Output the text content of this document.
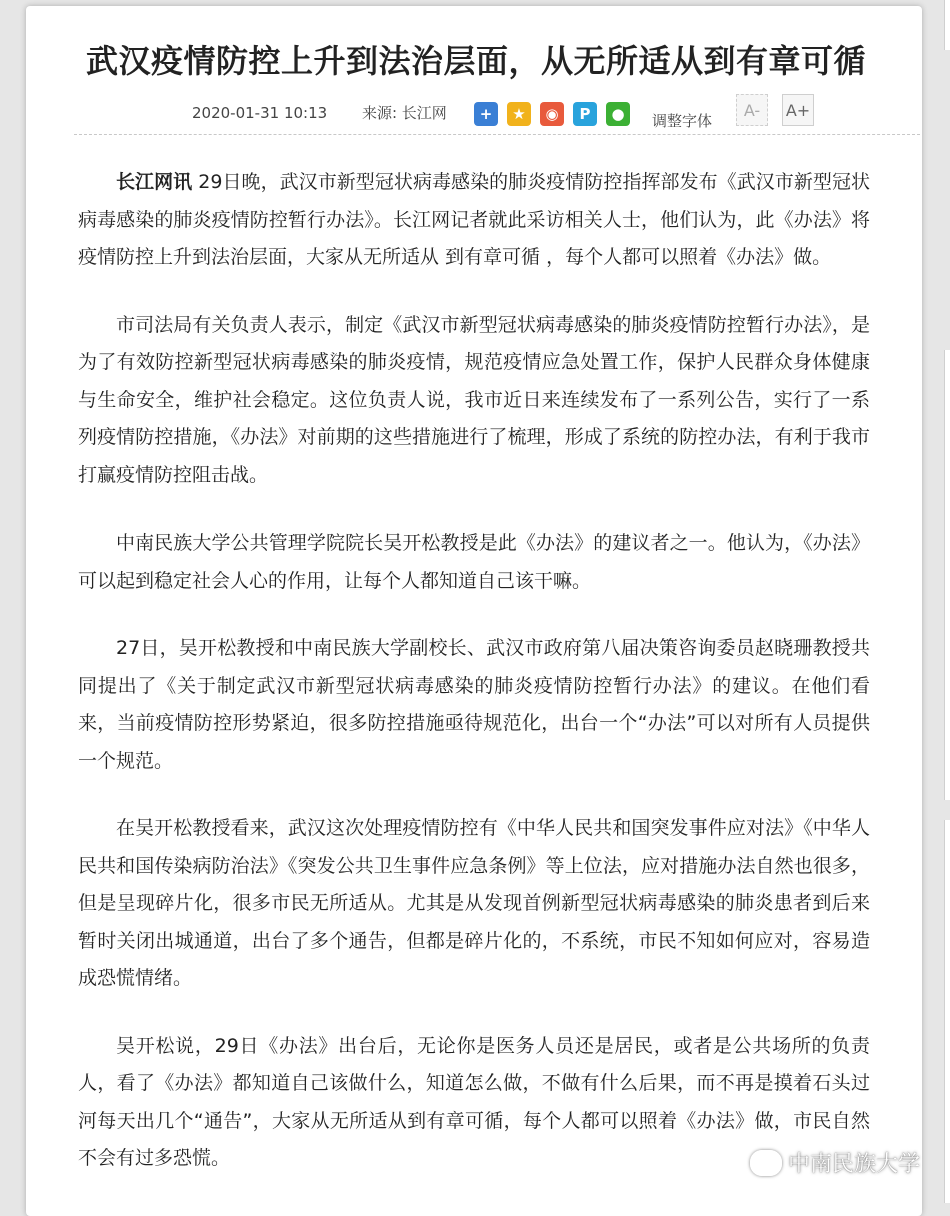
武汉疫情防控上升到法治层面，从无所适从到有章可循
2020-01-31 10:13 来源: 长江网	+	★	◉	P	●	调整字体
A-	A+

长江网讯 29日晚，武汉市新型冠状病毒感染的肺炎疫情防控指挥部发布《武汉市新型冠状病毒感染的肺炎疫情防控暂行办法》。长江网记者就此采访相关人士，他们认为，此《办法》将疫情防控上升到法治层面，大家从无所适从 到有章可循 ，每个人都可以照着《办法》做。

市司法局有关负责人表示，制定《武汉市新型冠状病毒感染的肺炎疫情防控暂行办法》，是为了有效防控新型冠状病毒感染的肺炎疫情，规范疫情应急处置工作，保护人民群众身体健康与生命安全，维护社会稳定。这位负责人说，我市近日来连续发布了一系列公告，实行了一系列疫情防控措施，《办法》对前期的这些措施进行了梳理，形成了系统的防控办法，有利于我市打赢疫情防控阻击战。

中南民族大学公共管理学院院长吴开松教授是此《办法》的建议者之一。他认为，《办法》可以起到稳定社会人心的作用，让每个人都知道自己该干嘛。

27日，吴开松教授和中南民族大学副校长、武汉市政府第八届决策咨询委员赵晓珊教授共同提出了《关于制定武汉市新型冠状病毒感染的肺炎疫情防控暂行办法》的建议。在他们看来，当前疫情防控形势紧迫，很多防控措施亟待规范化，出台一个“办法”可以对所有人员提供一个规范。

在吴开松教授看来，武汉这次处理疫情防控有《中华人民共和国突发事件应对法》《中华人民共和国传染病防治法》《突发公共卫生事件应急条例》等上位法，应对措施办法自然也很多，但是呈现碎片化，很多市民无所适从。尤其是从发现首例新型冠状病毒感染的肺炎患者到后来暂时关闭出城通道，出台了多个通告，但都是碎片化的，不系统，市民不知如何应对，容易造成恐慌情绪。

吴开松说，29日《办法》出台后，无论你是医务人员还是居民，或者是公共场所的负责人，看了《办法》都知道自己该做什么，知道怎么做，不做有什么后果，而不再是摸着石头过河每天出几个“通告”，大家从无所适从到有章可循，每个人都可以照着《办法》做，市民自然不会有过多恐慌。	中南民族大学
